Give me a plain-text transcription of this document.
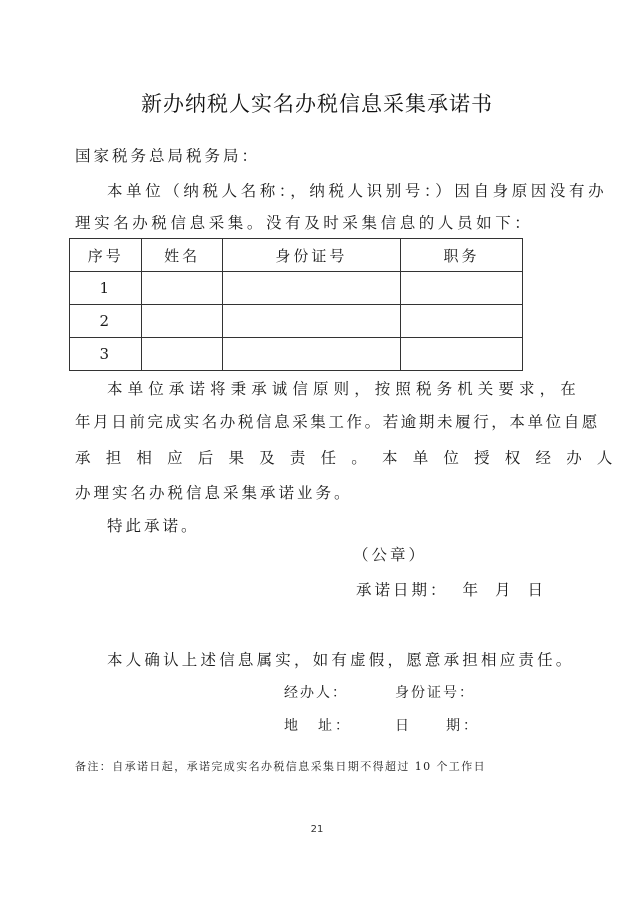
新办纳税人实名办税信息采集承诺书
国家税务总局税务局：
本单位（纳税人名称：，纳税人识别号：）因自身原因没有办
理实名办税信息采集。没有及时采集信息的人员如下：
序号	姓名	身份证号	职务
1			
2			
3			
本单位承诺将秉承诚信原则，按照税务机关要求，在
年月日前完成实名办税信息采集工作。若逾期未履行，本单位自愿
承担相应后果及责任。本单位授权经办人
办理实名办税信息采集承诺业务。
特此承诺。
（公章）
承诺日期： 年 月 日
本人确认上述信息属实，如有虚假，愿意承担相应责任。
经办人：	身份证号：
地　址：	日　　期：
备注：自承诺日起，承诺完成实名办税信息采集日期不得超过 10 个工作日
21
